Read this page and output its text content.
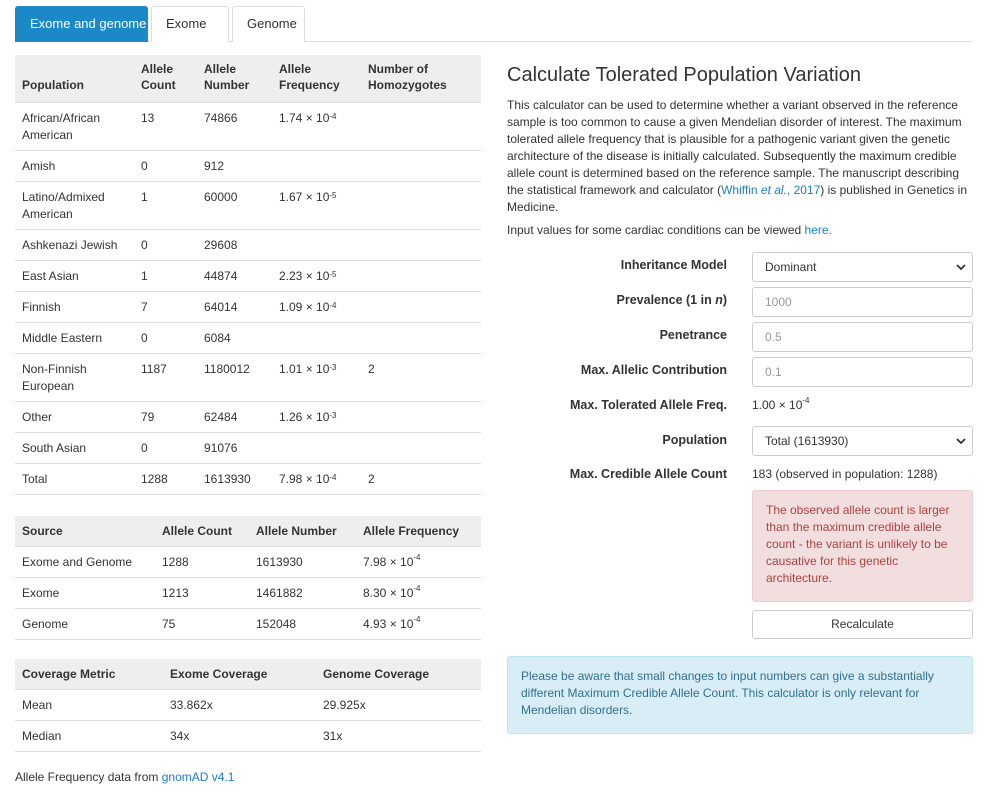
Exome and genome	Exome	Genome
Population	Allele Count	Allele Number	Allele Frequency	Number of Homozygotes
African/African American	13	74866	$1.74 \times 10^{-4}$	
Amish	0	912		
Latino/Admixed American	1	60000	$1.67 \times 10^{-5}$	
Ashkenazi Jewish	0	29608		
East Asian	1	44874	$2.23 \times 10^{-5}$	
Finnish	7	64014	$1.09 \times 10^{-4}$	
Middle Eastern	0	6084		
Non-Finnish European	1187	1180012	$1.01 \times 10^{-3}$	2
Other	79	62484	$1.26 \times 10^{-3}$	
South Asian	0	91076		
Total	1288	1613930	$7.98 \times 10^{-4}$	2
Source	Allele Count	Allele Number	Allele Frequency
Exome and Genome	1288	1613930	$7.98 \times 10^{-4}$
Exome	1213	1461882	$8.30 \times 10^{-4}$
Genome	75	152048	$4.93 \times 10^{-4}$
Coverage Metric	Exome Coverage	Genome Coverage
Mean	33.862x	29.925x
Median	34x	31x
Allele Frequency data from gnomAD v4.1
Calculate Tolerated Population Variation

This calculator can be used to determine whether a variant observed in the reference sample is too common to cause a given Mendelian disorder of interest. The maximum tolerated allele frequency that is plausible for a pathogenic variant given the genetic architecture of the disease is initially calculated. Subsequently the maximum credible allele count is determined based on the reference sample. The manuscript describing the statistical framework and calculator (Whiffin et al., 2017) is published in Genetics in Medicine.

Input values for some cardiac conditions can be viewed here.
Inheritance Model	Dominant
Prevalence (1 in n)	1000
Penetrance	0.5
Max. Allelic Contribution	0.1
Max. Tolerated Allele Freq. $1.00 \times 10^{-4}$
Population	Total (1613930)
Max. Credible Allele Count 183 (observed in population: 1288)
The observed allele count is larger than the maximum credible allele count - the variant is unlikely to be causative for this genetic architecture.
Recalculate
Please be aware that small changes to input numbers can give a substantially different Maximum Credible Allele Count. This calculator is only relevant for Mendelian disorders.
